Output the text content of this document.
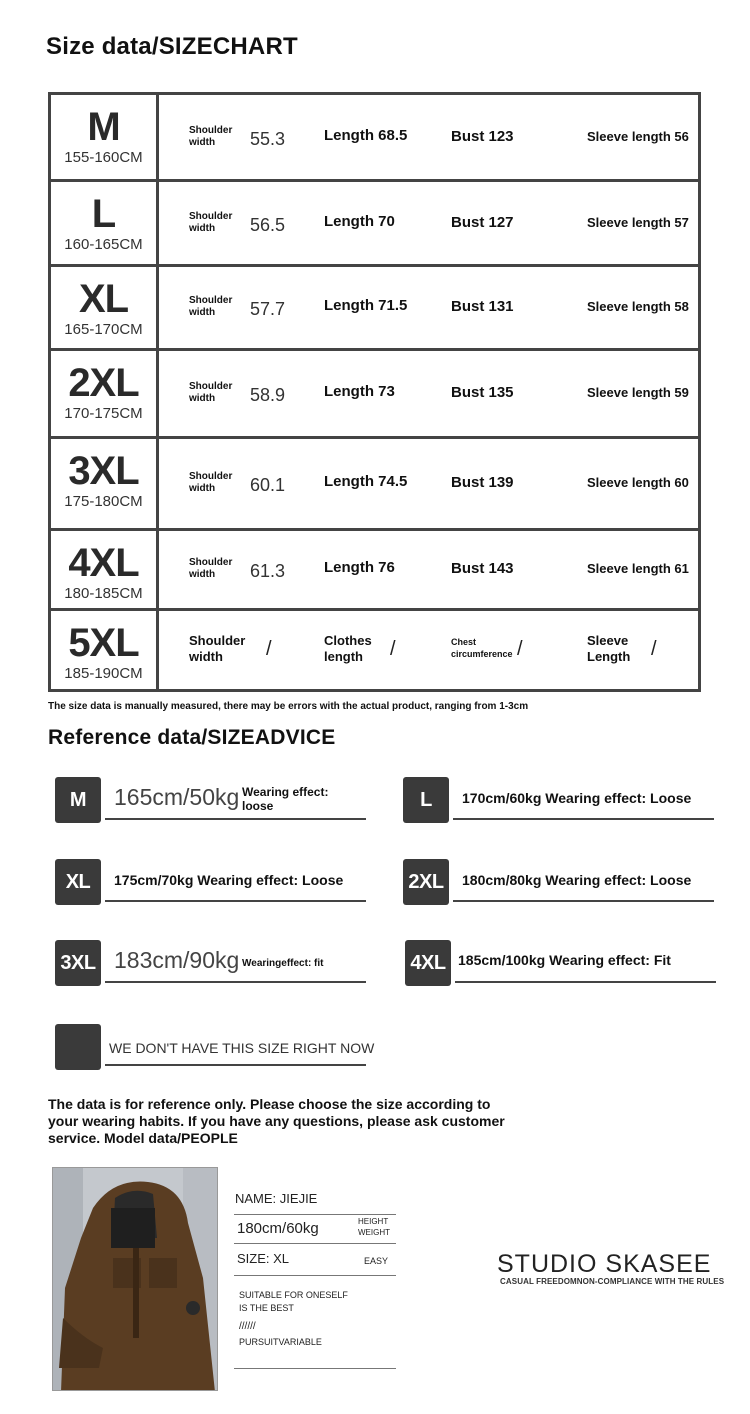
Size data/SIZECHART
M
155-160CM
Shoulder width	55.3	Length 68.5	Bust 123	Sleeve length 56
L
160-165CM
Shoulder width	56.5	Length 70	Bust 127	Sleeve length 57
XL
165-170CM
Shoulder width	57.7	Length 71.5	Bust 131	Sleeve length 58
2XL
170-175CM
Shoulder width	58.9	Length 73	Bust 135	Sleeve length 59
3XL
175-180CM
Shoulder width	60.1	Length 74.5	Bust 139	Sleeve length 60
4XL
180-185CM
Shoulder width	61.3	Length 76	Bust 143	Sleeve length 61
5XL
185-190CM
Shoulder width	/	Clothes length	/	Chest circumference /	Sleeve Length	/
The size data is manually measured, there may be errors with the actual product, ranging from 1-3cm
Reference data/SIZEADVICE
M	165cm/50kg Wearing effect: loose	L	170cm/60kg Wearing effect: Loose
XL	175cm/70kg Wearing effect: Loose	2XL	180cm/80kg Wearing effect: Loose
3XL 183cm/90kg Wearingeffect: fit	4XL 185cm/100kg Wearing effect: Fit
WE DON'T HAVE THIS SIZE RIGHT NOW
The data is for reference only. Please choose the size according to your wearing habits. If you have any questions, please ask customer service. Model data/PEOPLE
NAME: JIEJIE
180cm/60kg	HEIGHT
WEIGHT
SIZE: XL	EASY
SUITABLE FOR ONESELF
IS THE BEST
//////
PURSUITVARIABLE
STUDIO SKASEE
CASUAL FREEDOMNON-COMPLIANCE WITH THE RULES
